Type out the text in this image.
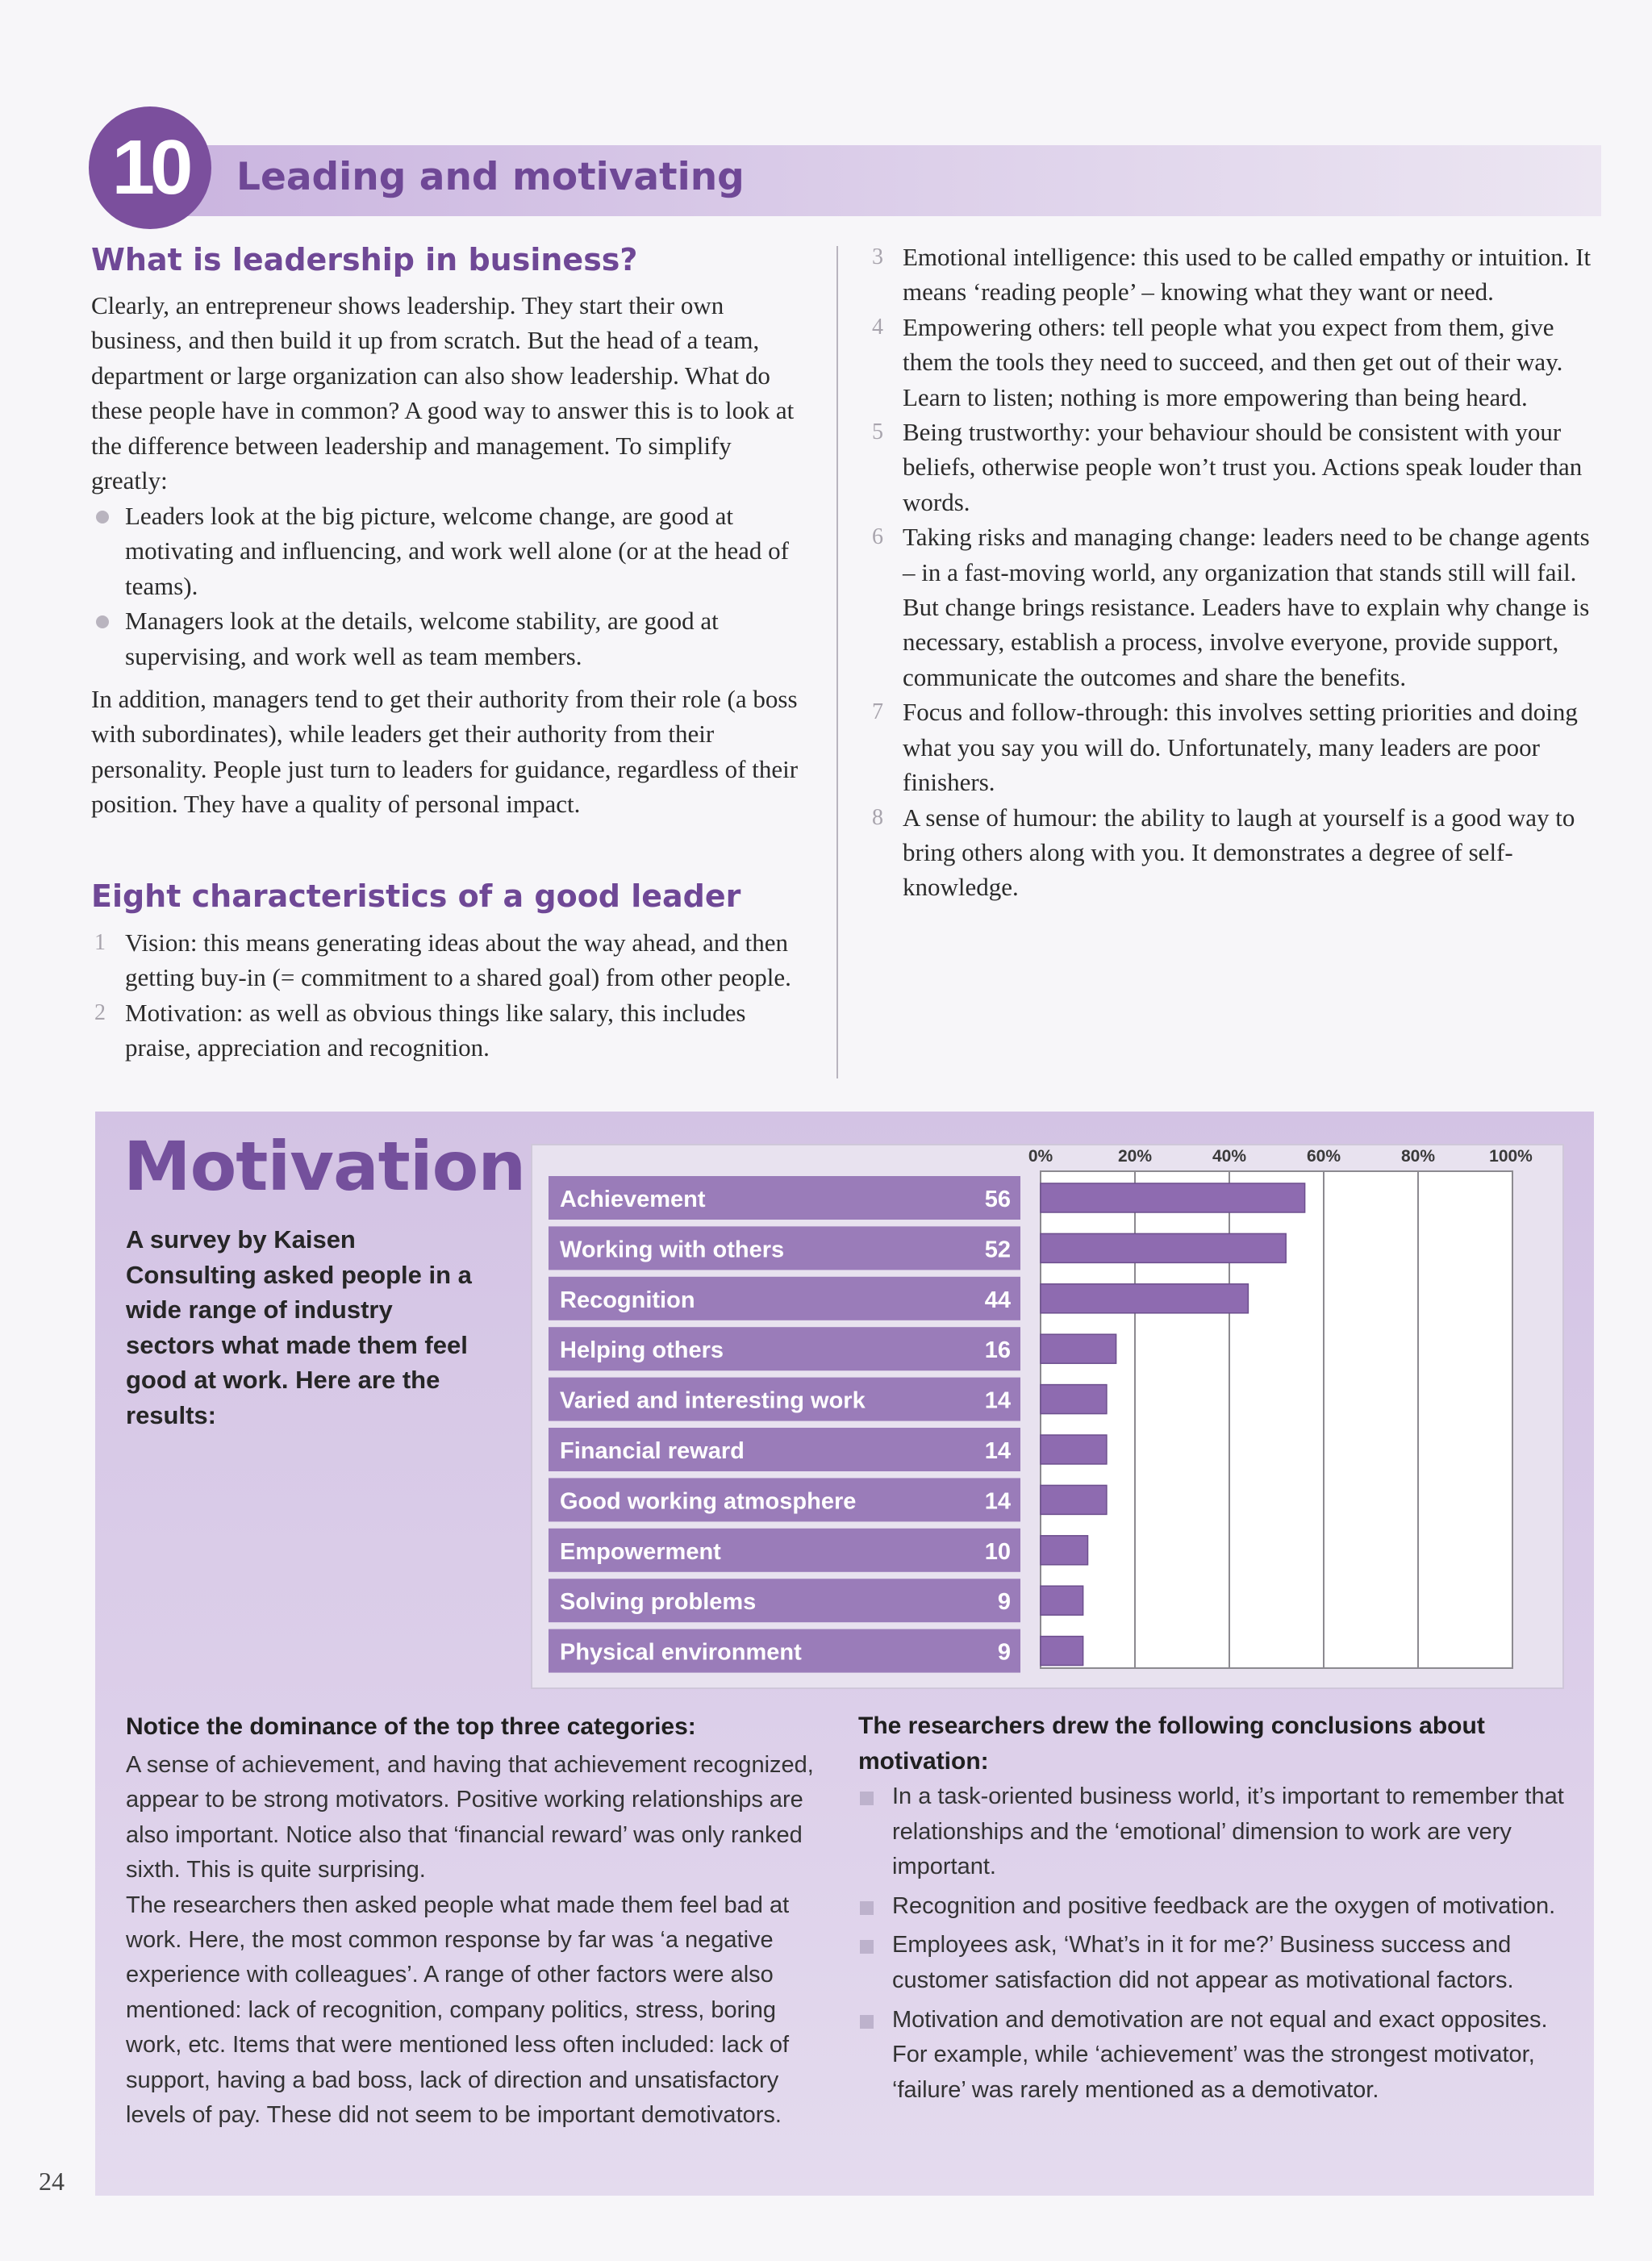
10	Leading and motivating
What is leadership in business?

Clearly, an entrepreneur shows leadership. They start their own business, and then build it up from scratch. But the head of a team, department or large organization can also show leadership. What do these people have in common? A good way to answer this is to look at the difference between leadership and management. To simplify greatly:

Leaders look at the big picture, welcome change, are good at motivating and influencing, and work well alone (or at the head of teams).
Managers look at the details, welcome stability, are good at supervising, and work well as team members.

In addition, managers tend to get their authority from their role (a boss with subordinates), while leaders get their authority from their personality. People just turn to leaders for guidance, regardless of their position. They have a quality of personal impact.

Eight characteristics of a good leader
1 Vision: this means generating ideas about the way ahead, and then getting buy-in (= commitment to a shared goal) from other people.
2 Motivation: as well as obvious things like salary, this includes praise, appreciation and recognition.
3 Emotional intelligence: this used to be called empathy or intuition. It means ‘reading people’ – knowing what they want or need.
4 Empowering others: tell people what you expect from them, give them the tools they need to succeed, and then get out of their way. Learn to listen; nothing is more empowering than being heard.
5 Being trustworthy: your behaviour should be consistent with your beliefs, otherwise people won’t trust you. Actions speak louder than words.
6 Taking risks and managing change: leaders need to be change agents – in a fast-moving world, any organization that stands still will fail. But change brings resistance. Leaders have to explain why change is necessary, establish a process, involve everyone, provide support, communicate the outcomes and share the benefits.
7 Focus and follow-through: this involves setting priorities and doing what you say you will do. Unfortunately, many leaders are poor finishers.
8 A sense of humour: the ability to laugh at yourself is a good way to bring others along with you. It demonstrates a degree of self-knowledge.
Motivation

A survey by Kaisen Consulting asked people in a wide range of industry sectors what made them feel good at work. Here are the results:

0%	20%	40%	60%	80%	100%
Achievement	56
Working with others	52
Recognition	44
Helping others	16
Varied and interesting work	14
Financial reward	14
Good working atmosphere	14
Empowerment	10
Solving problems	9
Physical environment	9
Notice the dominance of the top three categories:

A sense of achievement, and having that achievement recognized, appear to be strong motivators. Positive working relationships are also important. Notice also that ‘financial reward’ was only ranked sixth. This is quite surprising.

The researchers then asked people what made them feel bad at work. Here, the most common response by far was ‘a negative experience with colleagues’. A range of other factors were also mentioned: lack of recognition, company politics, stress, boring work, etc. Items that were mentioned less often included: lack of support, having a bad boss, lack of direction and unsatisfactory levels of pay. These did not seem to be important demotivators.

The researchers drew the following conclusions about motivation:

In a task-oriented business world, it’s important to remember that relationships and the ‘emotional’ dimension to work are very important.
Recognition and positive feedback are the oxygen of motivation.
Employees ask, ‘What’s in it for me?’ Business success and customer satisfaction did not appear as motivational factors.
Motivation and demotivation are not equal and exact opposites. For example, while ‘achievement’ was the strongest motivator, ‘failure’ was rarely mentioned as a demotivator.
24
